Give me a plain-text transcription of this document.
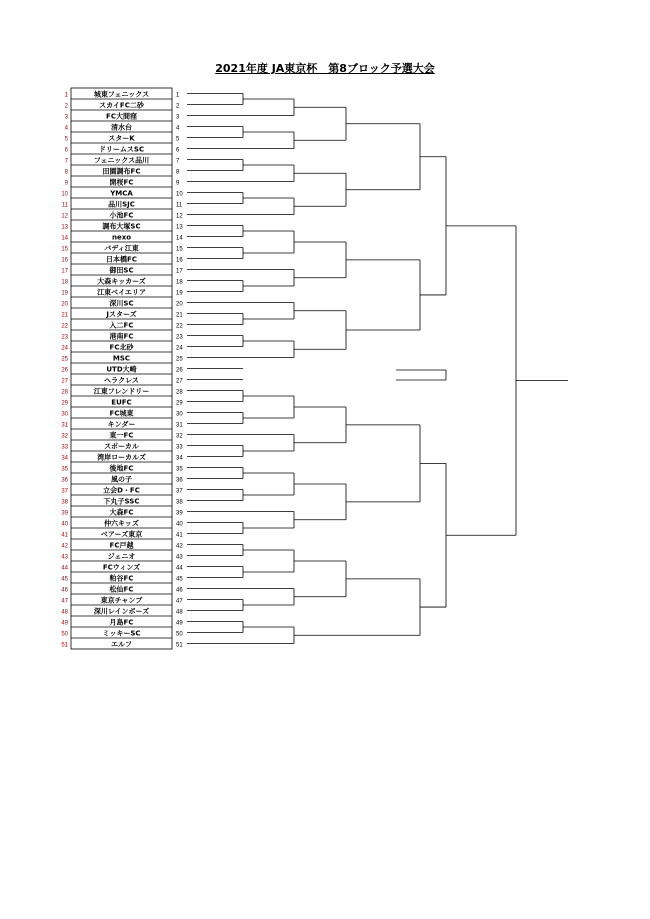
2021年度 JA東京杯　第8ブロック予選大会
1	城東フェニックス	1
2	スカイFC二砂	2
3	FC大間窪	3
4	清水台	4
5	スターK	5
6	ドリームスSC	6
7	フェニックス品川	7
8	田園調布FC	8
9	開桜FC	9
10	YMCA	10
11	品川SJC	11
12	小池FC	12
13	調布大塚SC	13
14	nexo	14
15	バディ江東	15
16	日本橋FC	16
17	御田SC	17
18	大森キッカーズ	18
19	江東ベイエリア	19
20	深川SC	20
21	Jスターズ	21
22	入二FC	22
23	港南FC	23
24	FC北砂	24
25	MSC	25
26	UTD大崎	26
27	ヘラクレス	27
28	江東フレンドリー	28
29	EUFC	29
30	FC城東	30
31	キンダー	31
32	東一FC	32
33	スポーカル	33
34	湾岸ローカルズ	34
35	後地FC	35
36	風の子	36
37	立会D・FC	37
38	下丸子SSC	38
39	大森FC	39
40	仲六キッズ	40
41	ベアーズ東京	41
42	FC戸越	42
43	ジェニオ	43
44	FCウィンズ	44
45	粕谷FC	45
46	松仙FC	46
47	東京チャンプ	47
48	深川レインボーズ	48
49	月島FC	49
50	ミッキーSC	50
51	エルフ	51
